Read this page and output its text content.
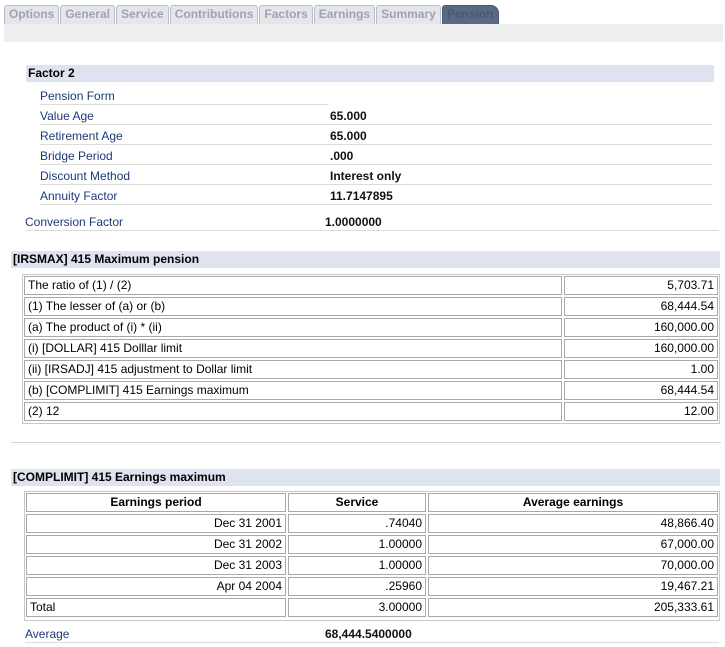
Options General Service Contributions Factors Earnings Summary Pension
Factor 2
Pension Form
Value Age	65.000
Retirement Age	65.000
Bridge Period	.000
Discount Method	Interest only
Annuity Factor	11.7147895
Conversion Factor	1.0000000
[IRSMAX] 415 Maximum pension
The ratio of (1) / (2)	5,703.71
(1) The lesser of (a) or (b)	68,444.54
(a) The product of (i) * (ii)	160,000.00
(i) [DOLLAR] 415 Dolllar limit	160,000.00
(ii) [IRSADJ] 415 adjustment to Dollar limit	1.00
(b) [COMPLIMIT] 415 Earnings maximum	68,444.54
(2) 12	12.00
[COMPLIMIT] 415 Earnings maximum
Earnings period	Service	Average earnings
Dec 31 2001	.74040	48,866.40
Dec 31 2002	1.00000	67,000.00
Dec 31 2003	1.00000	70,000.00
Apr 04 2004	.25960	19,467.21
Total	3.00000	205,333.61
Average	68,444.5400000
